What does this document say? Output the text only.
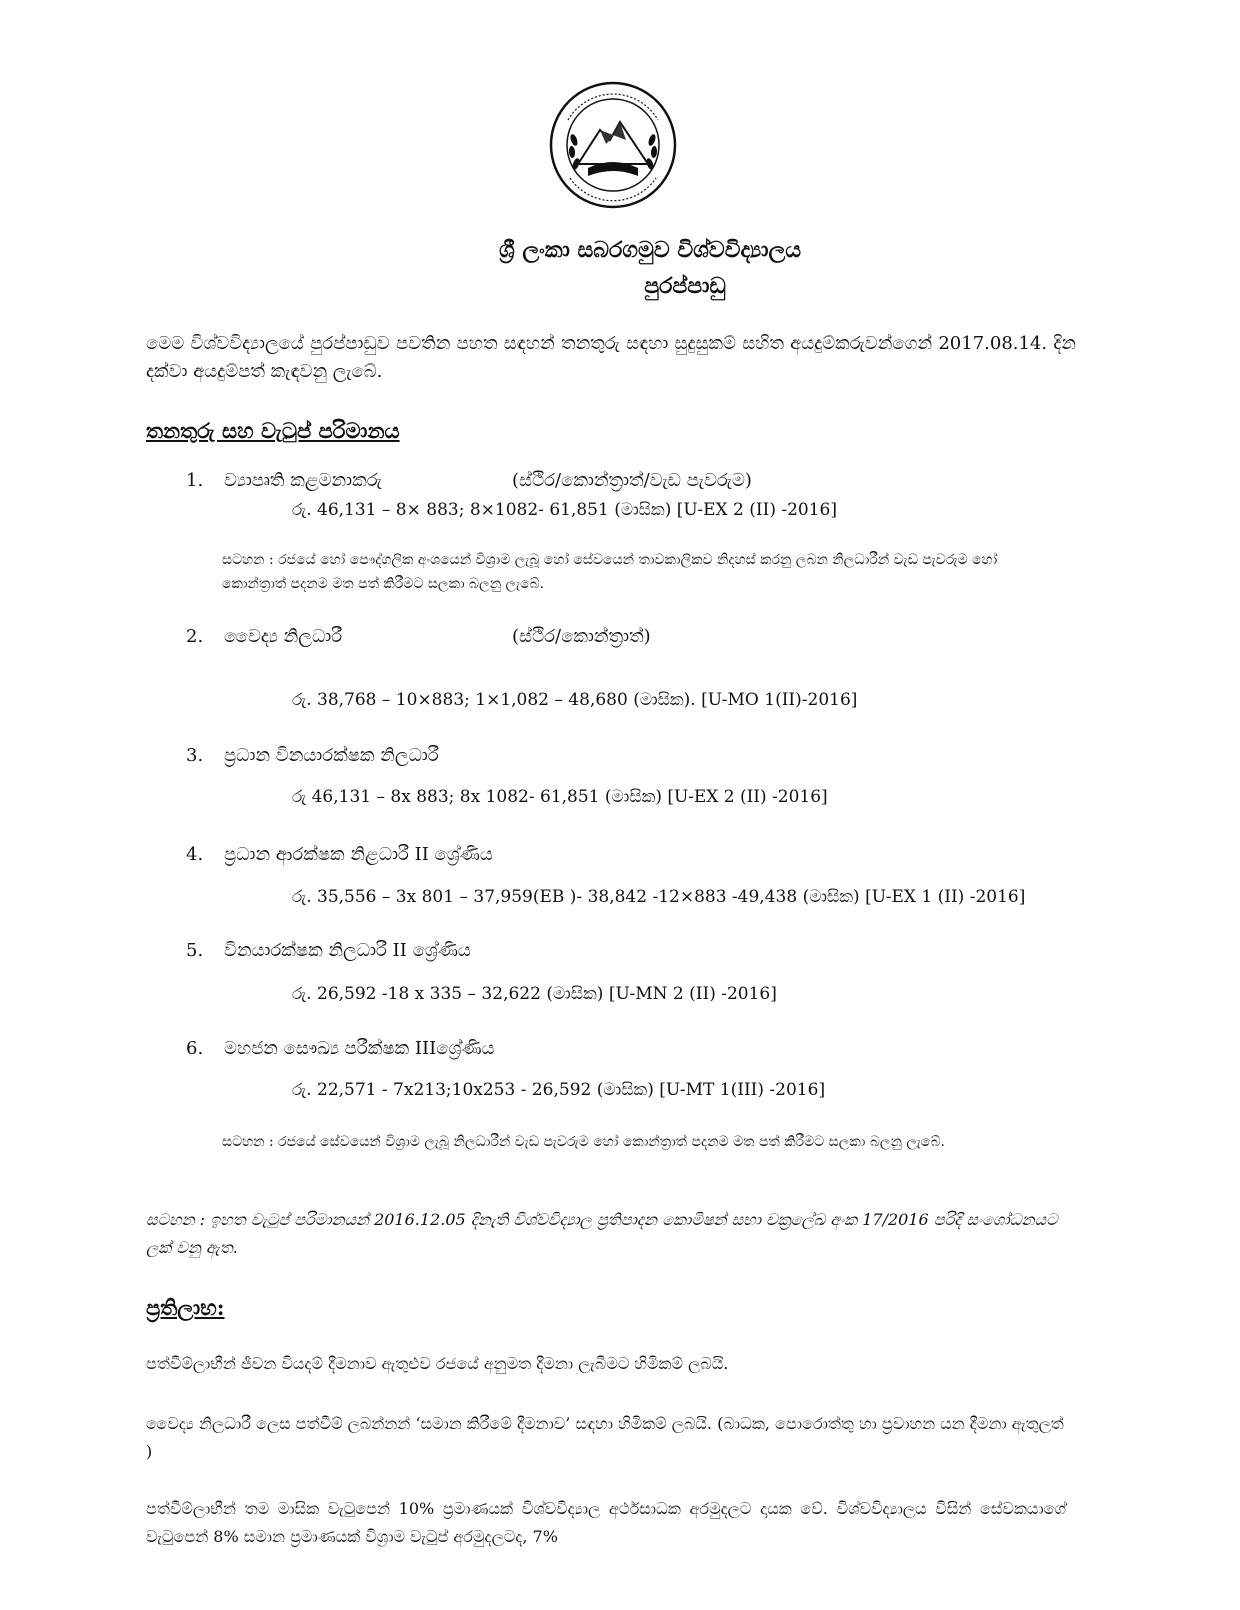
ශ්‍රී ලංකා සබරගමුව විශ්වවිද්‍යාලය
පුරප්පාඩු
මෙම විශ්වවිද්‍යාලයේ පුරප්පාඩුව පවතින පහත සඳහන් තනතුරු සඳහා සුදුසුකම් සහිත අයදුම්කරුවන්ගෙන් 2017.08.14. දින දක්වා අයදුම්පත් කැඳවනු ලැබේ.
තනතුරු සහ වැටුප් පරිමානය
1.	ව්‍යාපෘති කළමනාකරු	(ස්ථිර/කොන්ත්‍රාත්/වැඩ පැවරුම)
රු. 46,131 – 8× 883; 8×1082- 61,851 (මාසික) [U-EX 2 (II) -2016]
සටහන : රජයේ හෝ පෞද්ගලික අංශයෙන් විශ්‍රාම ලැබූ හෝ සේවයෙන් තාවකාලිකව නිදහස් කරනු ලබන නිලධාරීන් වැඩ පැවරුම හෝ කොන්ත්‍රාත් පදනම මත පත් කිරීමට සලකා බලනු ලැබේ.
2.	වෛද්‍ය නිලධාරී	(ස්ථිර/කොන්ත්‍රාත්)
රු. 38,768 – 10×883; 1×1,082 – 48,680 (මාසික). [U-MO 1(II)-2016]
3.	ප්‍රධාන විනයාරක්ෂක නිලධාරී
රු 46,131 – 8x 883; 8x 1082- 61,851 (මාසික) [U-EX 2 (II) -2016]
4.	ප්‍රධාන ආරක්ෂක නිළධාරී II ශ්‍රේණිය
රු. 35,556 – 3x 801 – 37,959(EB )- 38,842 -12×883 -49,438 (මාසික) [U-EX 1 (II) -2016]
5.	විනයාරක්ෂක නිලධාරී II ශ්‍රේණිය
රු. 26,592 -18 x 335 – 32,622 (මාසික) [U-MN 2 (II) -2016]
6.	මහජන සෞඛ්‍ය පරීක්ෂක IIIශ්‍රේණිය
රු. 22,571 - 7x213;10x253 - 26,592 (මාසික) [U-MT 1(III) -2016]
සටහන : රජයේ සේවයෙන් විශ්‍රාම ලැබූ නිලධාරීන් වැඩ පැවරුම හෝ කොන්ත්‍රාත් පදනම මත පත් කිරීමට සලකා බලනු ලැබේ.
සටහන : ඉහත වැටුප් පරිමානයන් 2016.12.05 දිනැති විශ්වවිද්‍යාල ප්‍රතිපාදන කොමිෂන් සභා චක්‍රලේඛ අංක 17/2016 පරිදි සංශෝධනයට ලක් වනු ඇත.
ප්‍රතිලාභ:
පත්වීම්ලාභීන් ජීවන වියදම් දීමනාව ඇතුළුව රජයේ අනුමත දීමනා ලැබීමට හිමිකම් ලබයි.
වෛද්‍ය නිලධාරී ලෙස පත්වීම් ලබන්නන් ‘සමාන කිරීමේ දීමනාව’ සඳහා හිමිකම් ලබයි. (බාධක, පොරොත්තු හා ප්‍රවාහන යන දීමනා ඇතුලත් )
පත්වීම්ලාභීන් තම මාසික වැටුපෙන් 10% ප්‍රමාණයක් විශ්වවිද්‍යාල අර්ථසාධක අරමුදලට දායක වේ. විශ්වවිද්‍යාලය විසින් සේවකයාගේ වැටුපෙන් 8% සමාන ප්‍රමාණයක් විශ්‍රාම වැටුප් අරමුදලටද, 7%
